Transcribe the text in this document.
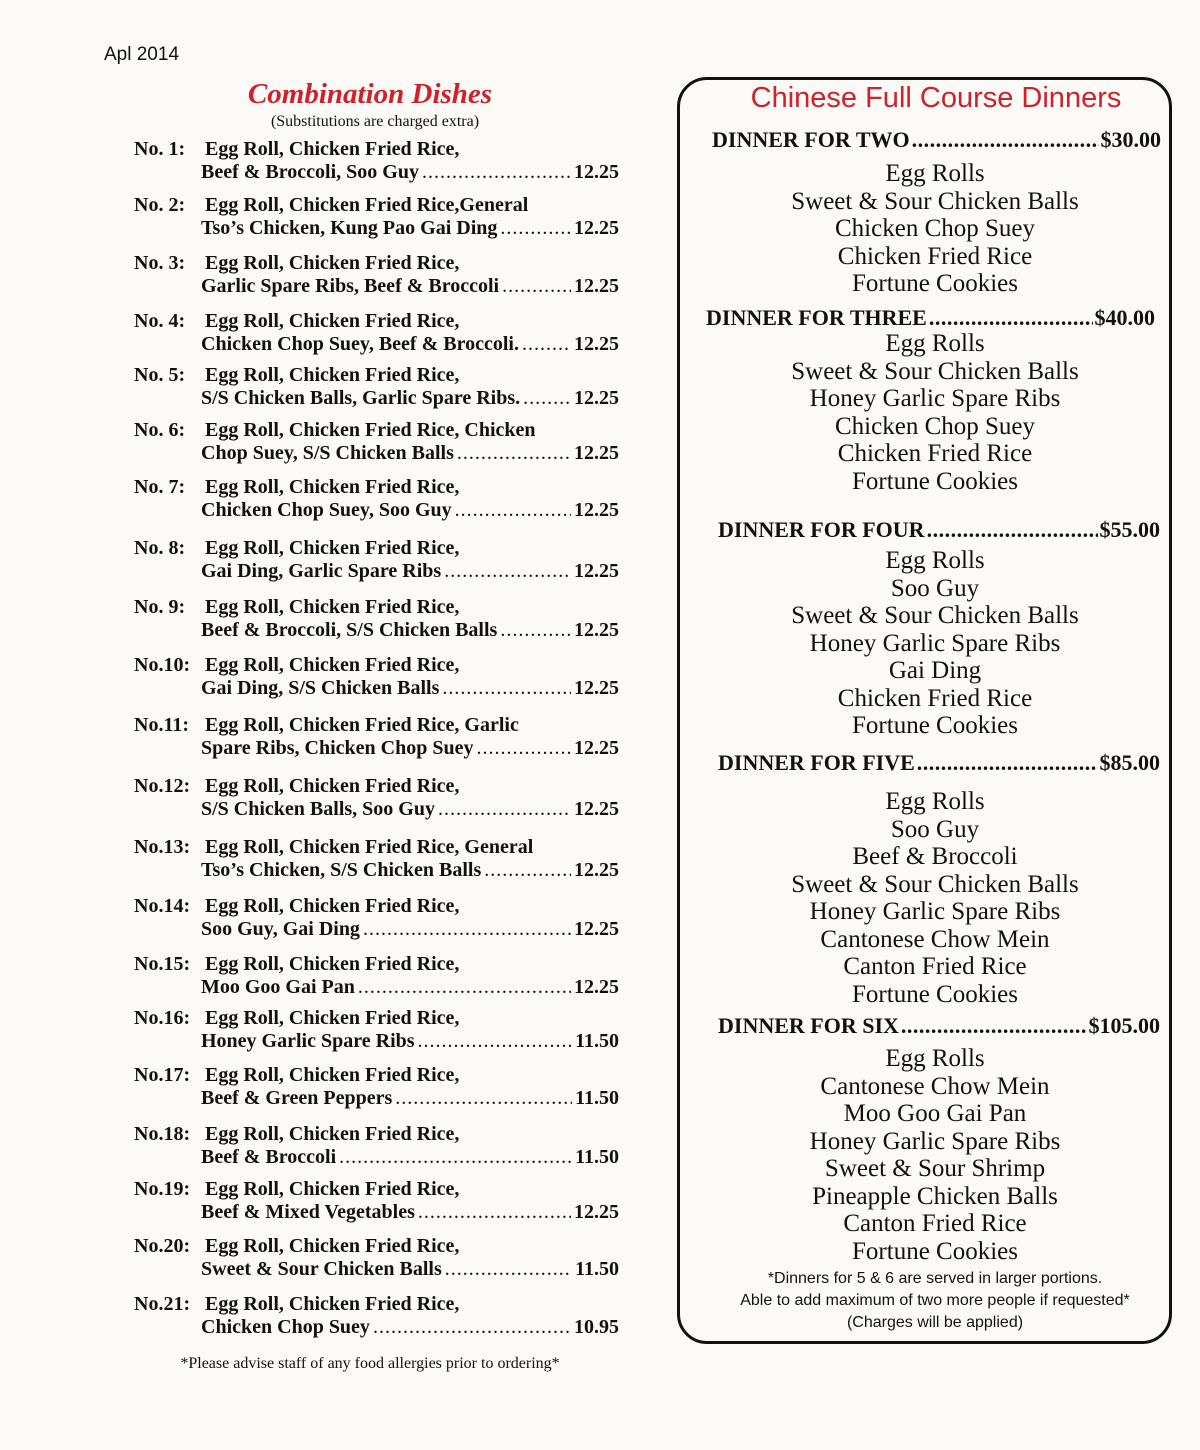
Apl 2014
Combination Dishes
(Substitutions are charged extra)
No. 1: Egg Roll, Chicken Fried Rice,
Beef & Broccoli, Soo Guy .....	12.25
No. 2: Egg Roll, Chicken Fried Rice,General
Tso’s Chicken, Kung Pao Gai Ding .....	12.25
No. 3: Egg Roll, Chicken Fried Rice,
Garlic Spare Ribs, Beef & Broccoli .....	12.25
No. 4: Egg Roll, Chicken Fried Rice,
Chicken Chop Suey, Beef & Broccoli. .....	12.25
No. 5: Egg Roll, Chicken Fried Rice,
S/S Chicken Balls, Garlic Spare Ribs. .....	12.25
No. 6: Egg Roll, Chicken Fried Rice, Chicken
Chop Suey, S/S Chicken Balls .....	12.25
No. 7: Egg Roll, Chicken Fried Rice,
Chicken Chop Suey, Soo Guy .....	12.25
No. 8: Egg Roll, Chicken Fried Rice,
Gai Ding, Garlic Spare Ribs .....	12.25
No. 9: Egg Roll, Chicken Fried Rice,
Beef & Broccoli, S/S Chicken Balls .....	12.25
No.10: Egg Roll, Chicken Fried Rice,
Gai Ding, S/S Chicken Balls .....	12.25
No.11: Egg Roll, Chicken Fried Rice, Garlic
Spare Ribs, Chicken Chop Suey .....	12.25
No.12: Egg Roll, Chicken Fried Rice,
S/S Chicken Balls, Soo Guy .....	12.25
No.13: Egg Roll, Chicken Fried Rice, General
Tso’s Chicken, S/S Chicken Balls .....	12.25
No.14: Egg Roll, Chicken Fried Rice,
Soo Guy, Gai Ding .....	12.25
No.15: Egg Roll, Chicken Fried Rice,
Moo Goo Gai Pan .....	12.25
No.16: Egg Roll, Chicken Fried Rice,
Honey Garlic Spare Ribs .....	11.50
No.17: Egg Roll, Chicken Fried Rice,
Beef & Green Peppers .....	11.50
No.18: Egg Roll, Chicken Fried Rice,
Beef & Broccoli .....	11.50
No.19: Egg Roll, Chicken Fried Rice,
Beef & Mixed Vegetables .....	12.25
No.20: Egg Roll, Chicken Fried Rice,
Sweet & Sour Chicken Balls .....	11.50
No.21: Egg Roll, Chicken Fried Rice,
Chicken Chop Suey .....	10.95
*Please advise staff of any food allergies prior to ordering*
Chinese Full Course Dinners
DINNER FOR TWO .....	$30.00
Egg Rolls
Sweet & Sour Chicken Balls
Chicken Chop Suey
Chicken Fried Rice
Fortune Cookies
DINNER FOR THREE .....	$40.00
Egg Rolls
Sweet & Sour Chicken Balls
Honey Garlic Spare Ribs
Chicken Chop Suey
Chicken Fried Rice
Fortune Cookies
DINNER FOR FOUR .....	$55.00
Egg Rolls
Soo Guy
Sweet & Sour Chicken Balls
Honey Garlic Spare Ribs
Gai Ding
Chicken Fried Rice
Fortune Cookies
DINNER FOR FIVE .....	$85.00
Egg Rolls
Soo Guy
Beef & Broccoli
Sweet & Sour Chicken Balls
Honey Garlic Spare Ribs
Cantonese Chow Mein
Canton Fried Rice
Fortune Cookies
DINNER FOR SIX .....	$105.00
Egg Rolls
Cantonese Chow Mein
Moo Goo Gai Pan
Honey Garlic Spare Ribs
Sweet & Sour Shrimp
Pineapple Chicken Balls
Canton Fried Rice
Fortune Cookies
*Dinners for 5 & 6 are served in larger portions.
Able to add maximum of two more people if requested*
(Charges will be applied)
